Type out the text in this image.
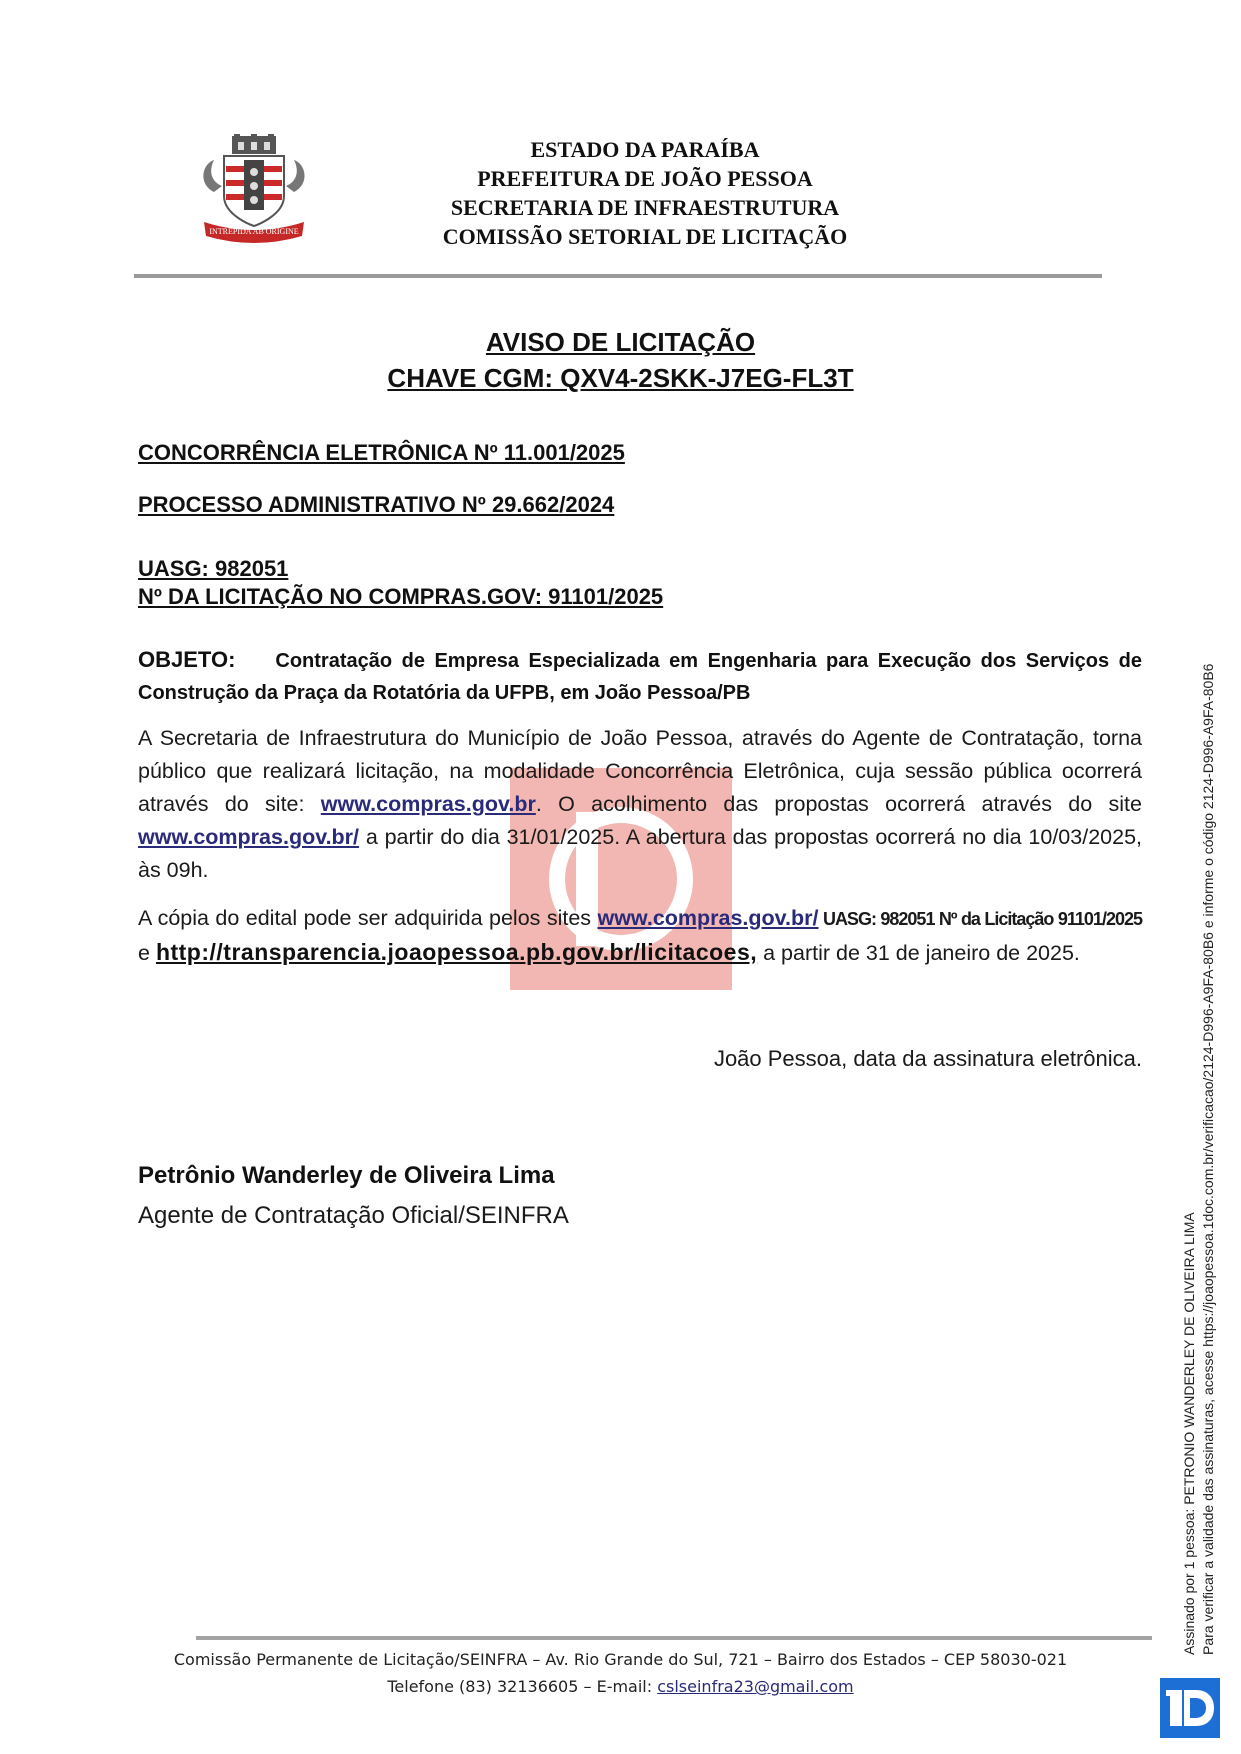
INTREPIDA AB ORIGINE
ESTADO DA PARAÍBA
PREFEITURA DE JOÃO PESSOA
SECRETARIA DE INFRAESTRUTURA
COMISSÃO SETORIAL DE LICITAÇÃO
AVISO DE LICITAÇÃO
CHAVE CGM: QXV4-2SKK-J7EG-FL3T
CONCORRÊNCIA ELETRÔNICA Nº 11.001/2025
PROCESSO ADMINISTRATIVO Nº 29.662/2024
UASG: 982051
Nº DA LICITAÇÃO NO COMPRAS.GOV: 91101/2025
OBJETO: Contratação de Empresa Especializada em Engenharia para Execução dos Serviços de Construção da Praça da Rotatória da UFPB, em João Pessoa/PB
A Secretaria de Infraestrutura do Município de João Pessoa, através do Agente de Contratação, torna público que realizará licitação, na modalidade Concorrência Eletrônica, cuja sessão pública ocorrerá através do site: www.compras.gov.br. O acolhimento das propostas ocorrerá através do site www.compras.gov.br/ a partir do dia 31/01/2025. A abertura das propostas ocorrerá no dia 10/03/2025, às 09h.
A cópia do edital pode ser adquirida pelos sites www.compras.gov.br/ UASG: 982051 Nº da Licitação 91101/2025 e http://transparencia.joaopessoa.pb.gov.br/licitacoes, a partir de 31 de janeiro de 2025.
João Pessoa, data da assinatura eletrônica.
Petrônio Wanderley de Oliveira Lima
Agente de Contratação Oficial/SEINFRA	Assinado por 1 pessoa: PETRONIO WANDERLEY DE OLIVEIRA LIMA Para verificar a validade das assinaturas, acesse https://joaopessoa.1doc.com.br/verificacao/2124-D996-A9FA-80B6 e informe o código 2124-D996-A9FA-80B6
Comissão Permanente de Licitação/SEINFRA – Av. Rio Grande do Sul, 721 – Bairro dos Estados – CEP 58030-021
Telefone (83) 32136605 – E-mail: cslseinfra23@gmail.com
